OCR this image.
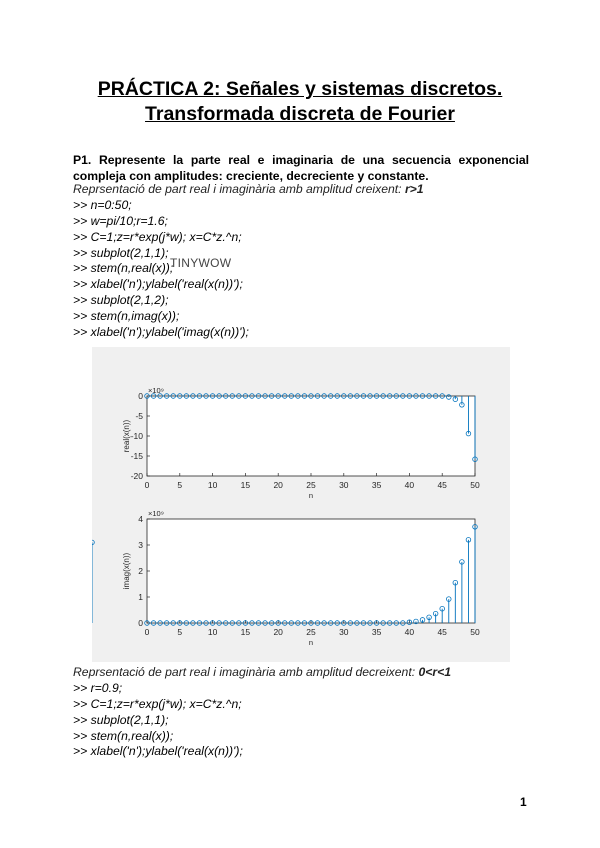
PRÁCTICA 2: Señales y sistemas discretos.
Transformada discreta de Fourier
P1. Represente la parte real e imaginaria de una secuencia exponencial compleja con amplitudes: creciente, decreciente y constante.
Reprsentació de part real i imaginària amb amplitud creixent: r>1
>> n=0:50;
>> w=pi/10;r=1.6;
>> C=1;z=r*exp(j*w); x=C*z.^n;
>> subplot(2,1,1);
>> stem(n,real(x));
>> xlabel('n');ylabel('real(x(n))');
>> subplot(2,1,2);
>> stem(n,imag(x));
>> xlabel('n');ylabel('imag(x(n))');
TINYWOW
0	5	10	15	20	25	30	35	40	45	50
0
-5
-10
-15
-20
×10⁹
n
real(x(n))
0	5	10	15	20	25	30	35	40	45	50
0
1
2
3
4
×10⁹
n
imag(x(n))
Reprsentació de part real i imaginària amb amplitud decreixent: 0<r<1
>> r=0.9;
>> C=1;z=r*exp(j*w); x=C*z.^n;
>> subplot(2,1,1);
>> stem(n,real(x));
>> xlabel('n');ylabel('real(x(n))');
1
